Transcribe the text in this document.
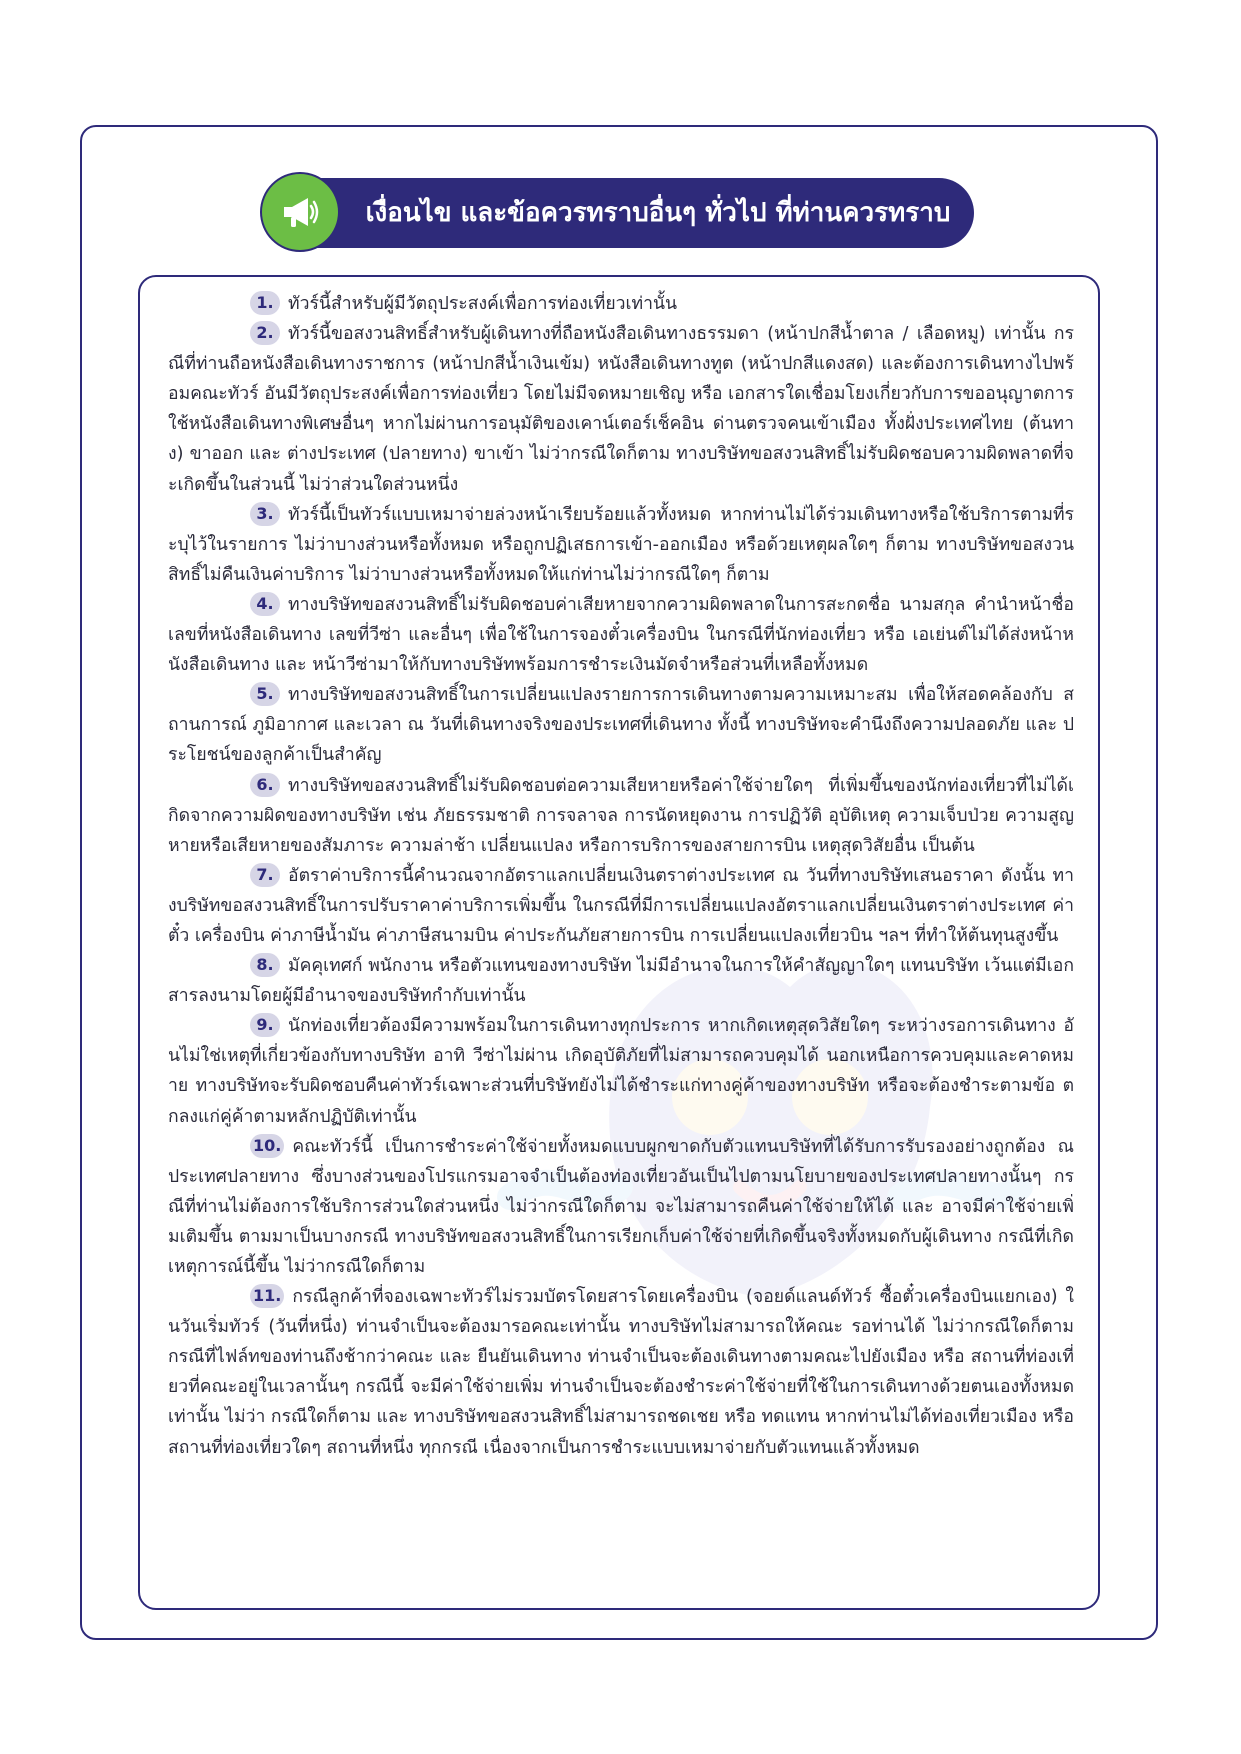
เงื่อนไข และข้อควรทราบอื่นๆ ทั่วไป ที่ท่านควรทราบ
1. ทัวร์นี้สำหรับผู้มีวัตถุประสงค์เพื่อการท่องเที่ยวเท่านั้น
2. ทัวร์นี้ขอสงวนสิทธิ์สำหรับผู้เดินทางที่ถือหนังสือเดินทางธรรมดา (หน้าปกสีน้ำตาล / เลือดหมู) เท่านั้น กรณีที่ท่านถือหนังสือเดินทางราชการ (หน้าปกสีน้ำเงินเข้ม) หนังสือเดินทางทูต (หน้าปกสีแดงสด) และต้องการเดินทางไปพร้อมคณะทัวร์ อันมีวัตถุประสงค์เพื่อการท่องเที่ยว โดยไม่มีจดหมายเชิญ หรือ เอกสารใดเชื่อมโยงเกี่ยวกับการขออนุญาตการใช้หนังสือเดินทางพิเศษอื่นๆ หากไม่ผ่านการอนุมัติของเคาน์เตอร์เช็คอิน ด่านตรวจคนเข้าเมือง ทั้งฝั่งประเทศไทย (ต้นทาง) ขาออก และ ต่างประเทศ (ปลายทาง) ขาเข้า ไม่ว่ากรณีใดก็ตาม ทางบริษัทขอสงวนสิทธิ์ไม่รับผิดชอบความผิดพลาดที่จะเกิดขึ้นในส่วนนี้ ไม่ว่าส่วนใดส่วนหนึ่ง
3. ทัวร์นี้เป็นทัวร์แบบเหมาจ่ายล่วงหน้าเรียบร้อยแล้วทั้งหมด หากท่านไม่ได้ร่วมเดินทางหรือใช้บริการตามที่ระบุไว้ในรายการ ไม่ว่าบางส่วนหรือทั้งหมด หรือถูกปฏิเสธการเข้า-ออกเมือง หรือด้วยเหตุผลใดๆ ก็ตาม ทางบริษัทขอสงวนสิทธิ์ไม่คืนเงินค่าบริการ ไม่ว่าบางส่วนหรือทั้งหมดให้แก่ท่านไม่ว่ากรณีใดๆ ก็ตาม
4. ทางบริษัทขอสงวนสิทธิ์ไม่รับผิดชอบค่าเสียหายจากความผิดพลาดในการสะกดชื่อ นามสกุล คำนำหน้าชื่อ เลขที่หนังสือเดินทาง เลขที่วีซ่า และอื่นๆ เพื่อใช้ในการจองตั๋วเครื่องบิน ในกรณีที่นักท่องเที่ยว หรือ เอเย่นต์ไม่ได้ส่งหน้าหนังสือเดินทาง และ หน้าวีซ่ามาให้กับทางบริษัทพร้อมการชำระเงินมัดจำหรือส่วนที่เหลือทั้งหมด
5. ทางบริษัทขอสงวนสิทธิ์ในการเปลี่ยนแปลงรายการการเดินทางตามความเหมาะสม เพื่อให้สอดคล้องกับ สถานการณ์ ภูมิอากาศ และเวลา ณ วันที่เดินทางจริงของประเทศที่เดินทาง ทั้งนี้ ทางบริษัทจะคำนึงถึงความปลอดภัย และ ประโยชน์ของลูกค้าเป็นสำคัญ
6. ทางบริษัทขอสงวนสิทธิ์ไม่รับผิดชอบต่อความเสียหายหรือค่าใช้จ่ายใดๆ ที่เพิ่มขึ้นของนักท่องเที่ยวที่ไม่ได้เกิดจากความผิดของทางบริษัท เช่น ภัยธรรมชาติ การจลาจล การนัดหยุดงาน การปฏิวัติ อุบัติเหตุ ความเจ็บป่วย ความสูญหายหรือเสียหายของสัมภาระ ความล่าช้า เปลี่ยนแปลง หรือการบริการของสายการบิน เหตุสุดวิสัยอื่น เป็นต้น
7. อัตราค่าบริการนี้คำนวณจากอัตราแลกเปลี่ยนเงินตราต่างประเทศ ณ วันที่ทางบริษัทเสนอราคา ดังนั้น ทางบริษัทขอสงวนสิทธิ์ในการปรับราคาค่าบริการเพิ่มขึ้น ในกรณีที่มีการเปลี่ยนแปลงอัตราแลกเปลี่ยนเงินตราต่างประเทศ ค่าตั๋ว เครื่องบิน ค่าภาษีน้ำมัน ค่าภาษีสนามบิน ค่าประกันภัยสายการบิน การเปลี่ยนแปลงเที่ยวบิน ฯลฯ ที่ทำให้ต้นทุนสูงขึ้น
8. มัคคุเทศก์ พนักงาน หรือตัวแทนของทางบริษัท ไม่มีอำนาจในการให้คำสัญญาใดๆ แทนบริษัท เว้นแต่มีเอกสารลงนามโดยผู้มีอำนาจของบริษัทกำกับเท่านั้น
9. นักท่องเที่ยวต้องมีความพร้อมในการเดินทางทุกประการ หากเกิดเหตุสุดวิสัยใดๆ ระหว่างรอการเดินทาง อันไม่ใช่เหตุที่เกี่ยวข้องกับทางบริษัท อาทิ วีซ่าไม่ผ่าน เกิดอุบัติภัยที่ไม่สามารถควบคุมได้ นอกเหนือการควบคุมและคาดหมาย ทางบริษัทจะรับผิดชอบคืนค่าทัวร์เฉพาะส่วนที่บริษัทยังไม่ได้ชำระแก่ทางคู่ค้าของทางบริษัท หรือจะต้องชำระตามข้อ ตกลงแก่คู่ค้าตามหลักปฏิบัติเท่านั้น
10. คณะทัวร์นี้ เป็นการชำระค่าใช้จ่ายทั้งหมดแบบผูกขาดกับตัวแทนบริษัทที่ได้รับการรับรองอย่างถูกต้อง ณ ประเทศปลายทาง ซึ่งบางส่วนของโปรแกรมอาจจำเป็นต้องท่องเที่ยวอันเป็นไปตามนโยบายของประเทศปลายทางนั้นๆ กรณีที่ท่านไม่ต้องการใช้บริการส่วนใดส่วนหนึ่ง ไม่ว่ากรณีใดก็ตาม จะไม่สามารถคืนค่าใช้จ่ายให้ได้ และ อาจมีค่าใช้จ่ายเพิ่มเติมขึ้น ตามมาเป็นบางกรณี ทางบริษัทขอสงวนสิทธิ์ในการเรียกเก็บค่าใช้จ่ายที่เกิดขึ้นจริงทั้งหมดกับผู้เดินทาง กรณีที่เกิดเหตุการณ์นี้ขึ้น ไม่ว่ากรณีใดก็ตาม
11. กรณีลูกค้าที่จองเฉพาะทัวร์ไม่รวมบัตรโดยสารโดยเครื่องบิน (จอยด์แลนด์ทัวร์ ซื้อตั๋วเครื่องบินแยกเอง) ในวันเริ่มทัวร์ (วันที่หนึ่ง) ท่านจำเป็นจะต้องมารอคณะเท่านั้น ทางบริษัทไม่สามารถให้คณะ รอท่านได้ ไม่ว่ากรณีใดก็ตาม กรณีที่ไฟล์ทของท่านถึงช้ากว่าคณะ และ ยืนยันเดินทาง ท่านจำเป็นจะต้องเดินทางตามคณะไปยังเมือง หรือ สถานที่ท่องเที่ยวที่คณะอยู่ในเวลานั้นๆ กรณีนี้ จะมีค่าใช้จ่ายเพิ่ม ท่านจำเป็นจะต้องชำระค่าใช้จ่ายที่ใช้ในการเดินทางด้วยตนเองทั้งหมดเท่านั้น ไม่ว่า กรณีใดก็ตาม และ ทางบริษัทขอสงวนสิทธิ์ไม่สามารถชดเชย หรือ ทดแทน หากท่านไม่ได้ท่องเที่ยวเมือง หรือ สถานที่ท่องเที่ยวใดๆ สถานที่หนึ่ง ทุกกรณี เนื่องจากเป็นการชำระแบบเหมาจ่ายกับตัวแทนแล้วทั้งหมด
